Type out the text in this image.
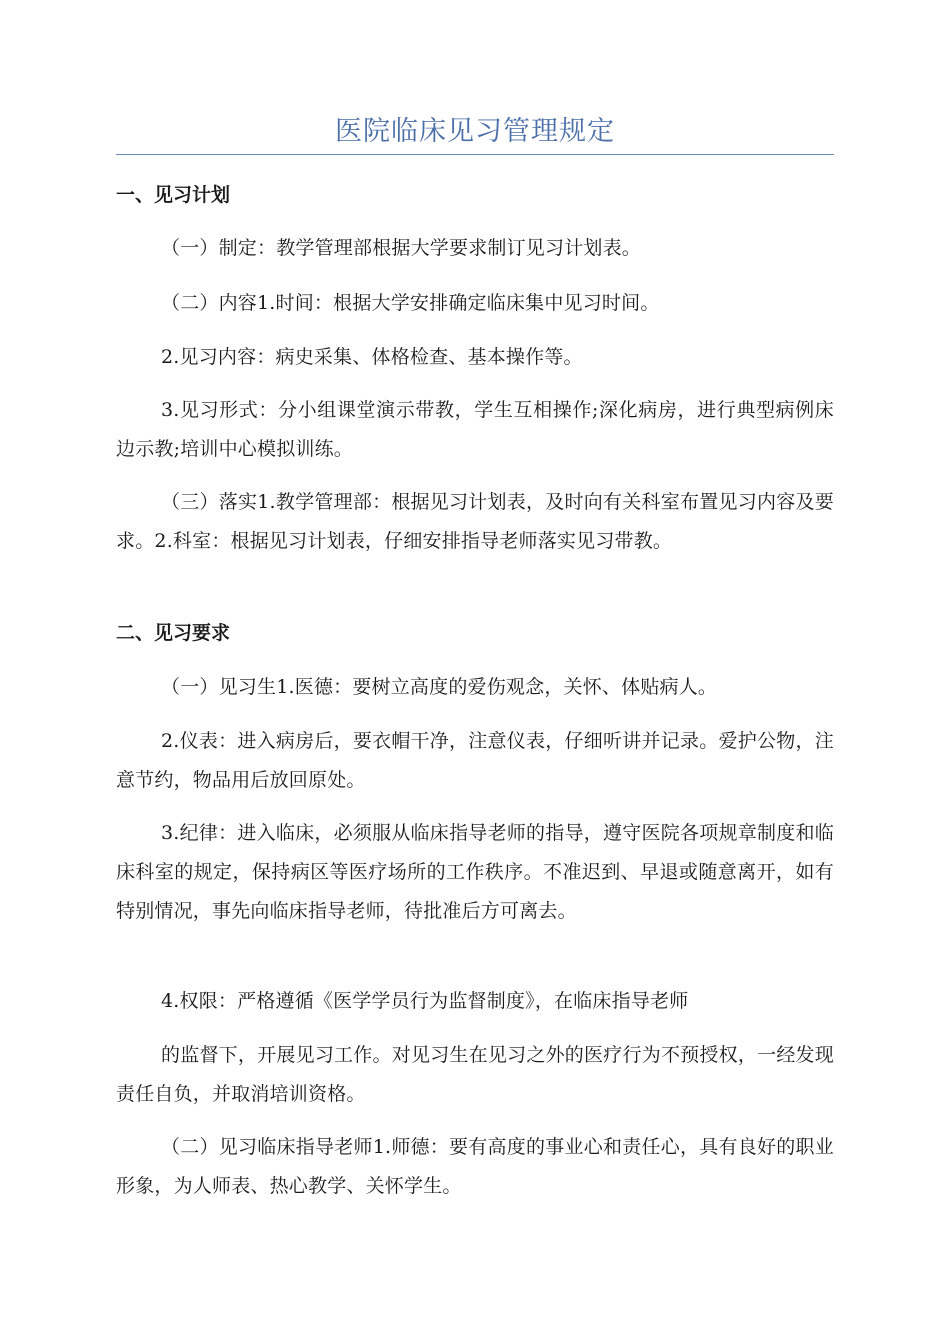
医院临床见习管理规定
一、见习计划

（一）制定：教学管理部根据大学要求制订见习计划表。

（二）内容1.时间：根据大学安排确定临床集中见习时间。

2.见习内容：病史采集、体格检查、基本操作等。

3.见习形式：分小组课堂演示带教，学生互相操作;深化病房，进行典型病例床边示教;培训中心模拟训练。

（三）落实1.教学管理部：根据见习计划表，及时向有关科室布置见习内容及要求。2.科室：根据见习计划表，仔细安排指导老师落实见习带教。

二、见习要求

（一）见习生1.医德：要树立高度的爱伤观念，关怀、体贴病人。

2.仪表：进入病房后，要衣帽干净，注意仪表，仔细听讲并记录。爱护公物，注意节约，物品用后放回原处。

3.纪律：进入临床，必须服从临床指导老师的指导，遵守医院各项规章制度和临床科室的规定，保持病区等医疗场所的工作秩序。不准迟到、早退或随意离开，如有特别情况，事先向临床指导老师，待批准后方可离去。

4.权限：严格遵循《医学学员行为监督制度》，在临床指导老师

的监督下，开展见习工作。对见习生在见习之外的医疗行为不预授权，一经发现责任自负，并取消培训资格。

（二）见习临床指导老师1.师德：要有高度的事业心和责任心，具有良好的职业形象，为人师表、热心教学、关怀学生。
